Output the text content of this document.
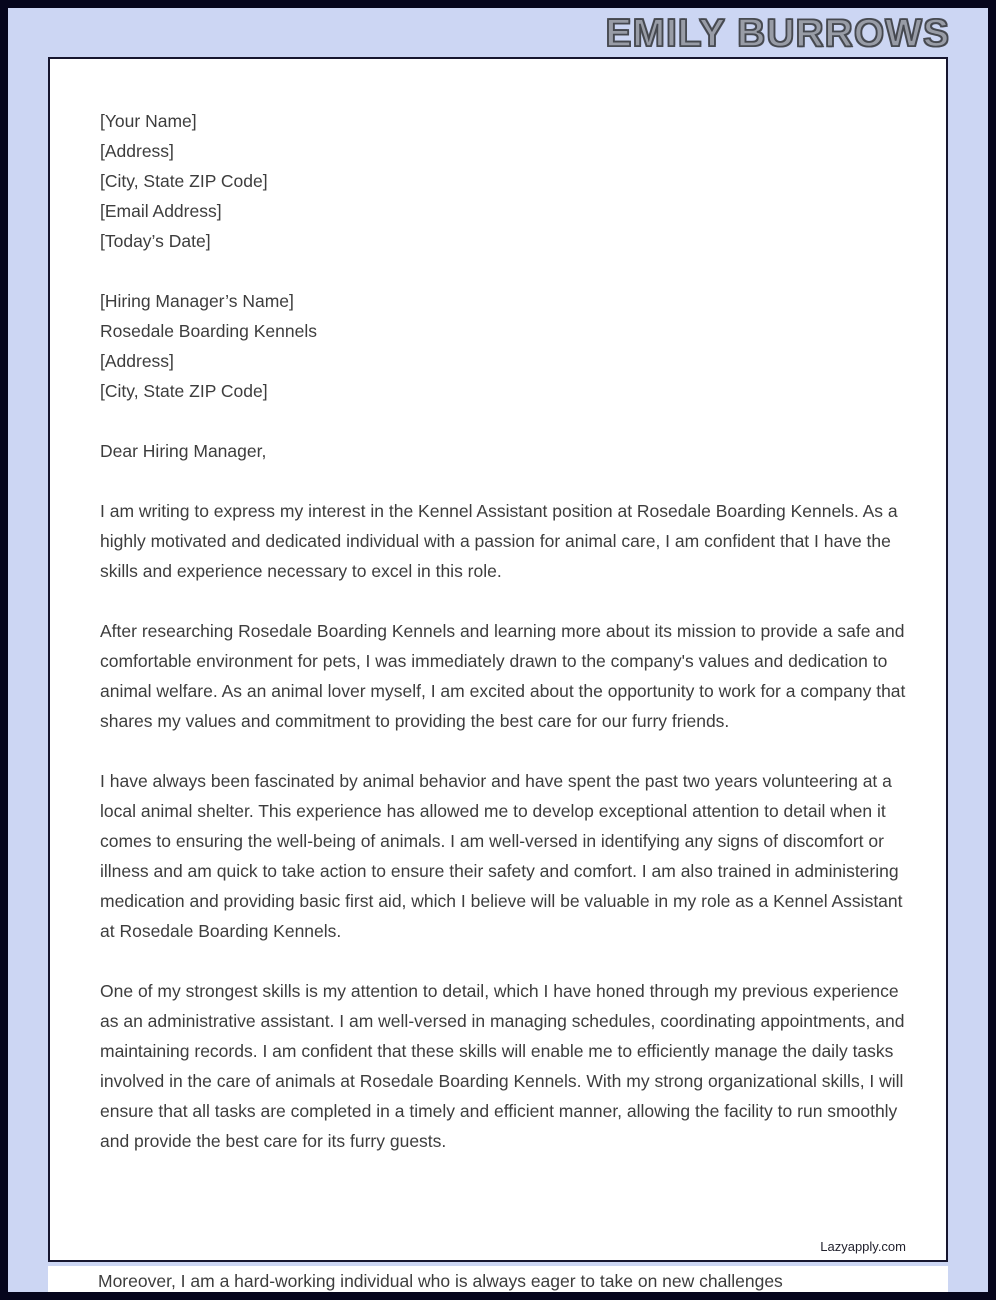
EMILY BURROWS
[Your Name]
[Address]
[City, State ZIP Code]
[Email Address]
[Today’s Date]
[Hiring Manager’s Name]
Rosedale Boarding Kennels
[Address]
[City, State ZIP Code]
Dear Hiring Manager,
I am writing to express my interest in the Kennel Assistant position at Rosedale Boarding Kennels. As a highly motivated and dedicated individual with a passion for animal care, I am confident that I have the skills and experience necessary to excel in this role.
After researching Rosedale Boarding Kennels and learning more about its mission to provide a safe and comfortable environment for pets, I was immediately drawn to the company's values and dedication to animal welfare. As an animal lover myself, I am excited about the opportunity to work for a company that shares my values and commitment to providing the best care for our furry friends.
I have always been fascinated by animal behavior and have spent the past two years volunteering at a local animal shelter. This experience has allowed me to develop exceptional attention to detail when it comes to ensuring the well-being of animals. I am well-versed in identifying any signs of discomfort or illness and am quick to take action to ensure their safety and comfort. I am also trained in administering medication and providing basic first aid, which I believe will be valuable in my role as a Kennel Assistant at Rosedale Boarding Kennels.
One of my strongest skills is my attention to detail, which I have honed through my previous experience as an administrative assistant. I am well-versed in managing schedules, coordinating appointments, and maintaining records. I am confident that these skills will enable me to efficiently manage the daily tasks involved in the care of animals at Rosedale Boarding Kennels. With my strong organizational skills, I will ensure that all tasks are completed in a timely and efficient manner, allowing the facility to run smoothly and provide the best care for its furry guests.
Lazyapply.com
Moreover, I am a hard-working individual who is always eager to take on new challenges
